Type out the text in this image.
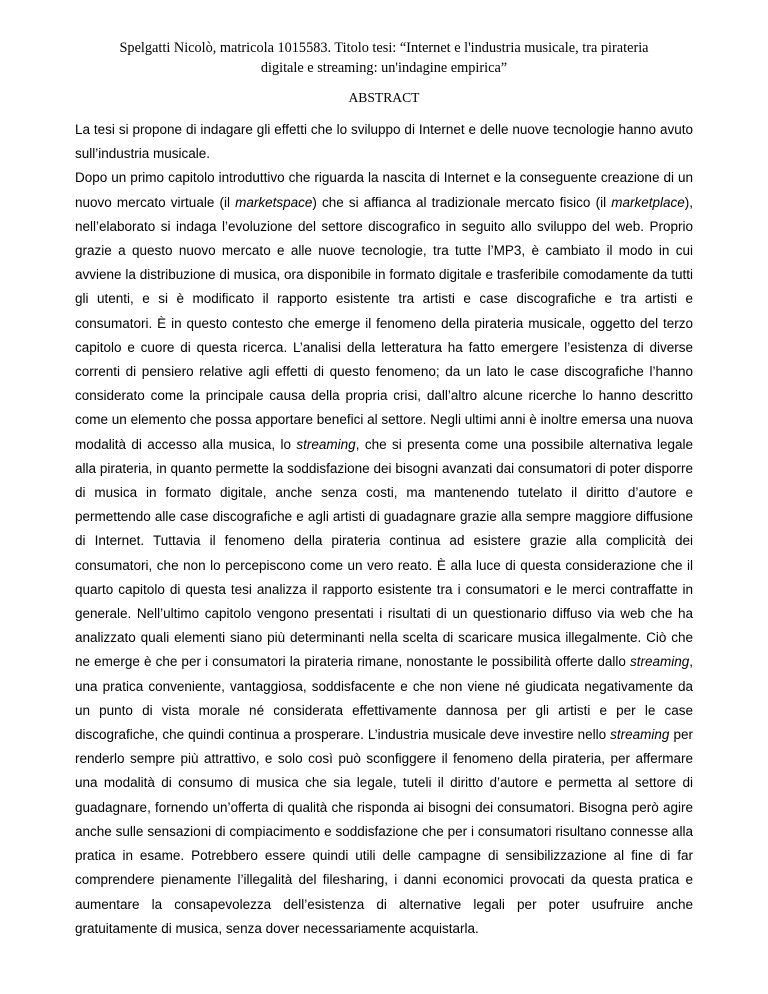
Spelgatti Nicolò, matricola 1015583. Titolo tesi: “Internet e l'industria musicale, tra pirateria
digitale e streaming: un'indagine empirica”
ABSTRACT

La tesi si propone di indagare gli effetti che lo sviluppo di Internet e delle nuove tecnologie hanno avuto sull’industria musicale.

Dopo un primo capitolo introduttivo che riguarda la nascita di Internet e la conseguente creazione di un nuovo mercato virtuale (il marketspace) che si affianca al tradizionale mercato fisico (il marketplace), nell’elaborato si indaga l’evoluzione del settore discografico in seguito allo sviluppo del web. Proprio grazie a questo nuovo mercato e alle nuove tecnologie, tra tutte l’MP3, è cambiato il modo in cui avviene la distribuzione di musica, ora disponibile in formato digitale e trasferibile comodamente da tutti gli utenti, e si è modificato il rapporto esistente tra artisti e case discografiche e tra artisti e consumatori. È in questo contesto che emerge il fenomeno della pirateria musicale, oggetto del terzo capitolo e cuore di questa ricerca. L’analisi della letteratura ha fatto emergere l’esistenza di diverse correnti di pensiero relative agli effetti di questo fenomeno; da un lato le case discografiche l’hanno considerato come la principale causa della propria crisi, dall’altro alcune ricerche lo hanno descritto come un elemento che possa apportare benefici al settore. Negli ultimi anni è inoltre emersa una nuova modalità di accesso alla musica, lo streaming, che si presenta come una possibile alternativa legale alla pirateria, in quanto permette la soddisfazione dei bisogni avanzati dai consumatori di poter disporre di musica in formato digitale, anche senza costi, ma mantenendo tutelato il diritto d’autore e permettendo alle case discografiche e agli artisti di guadagnare grazie alla sempre maggiore diffusione di Internet. Tuttavia il fenomeno della pirateria continua ad esistere grazie alla complicità dei consumatori, che non lo percepiscono come un vero reato. È alla luce di questa considerazione che il quarto capitolo di questa tesi analizza il rapporto esistente tra i consumatori e le merci contraffatte in generale. Nell’ultimo capitolo vengono presentati i risultati di un questionario diffuso via web che ha analizzato quali elementi siano più determinanti nella scelta di scaricare musica illegalmente. Ciò che ne emerge è che per i consumatori la pirateria rimane, nonostante le possibilità offerte dallo streaming, una pratica conveniente, vantaggiosa, soddisfacente e che non viene né giudicata negativamente da un punto di vista morale né considerata effettivamente dannosa per gli artisti e per le case discografiche, che quindi continua a prosperare. L’industria musicale deve investire nello streaming per renderlo sempre più attrattivo, e solo così può sconfiggere il fenomeno della pirateria, per affermare una modalità di consumo di musica che sia legale, tuteli il diritto d’autore e permetta al settore di guadagnare, fornendo un’offerta di qualità che risponda ai bisogni dei consumatori. Bisogna però agire anche sulle sensazioni di compiacimento e soddisfazione che per i consumatori risultano connesse alla pratica in esame. Potrebbero essere quindi utili delle campagne di sensibilizzazione al fine di far comprendere pienamente l’illegalità del filesharing, i danni economici provocati da questa pratica e aumentare la consapevolezza dell’esistenza di alternative legali per poter usufruire anche gratuitamente di musica, senza dover necessariamente acquistarla.
